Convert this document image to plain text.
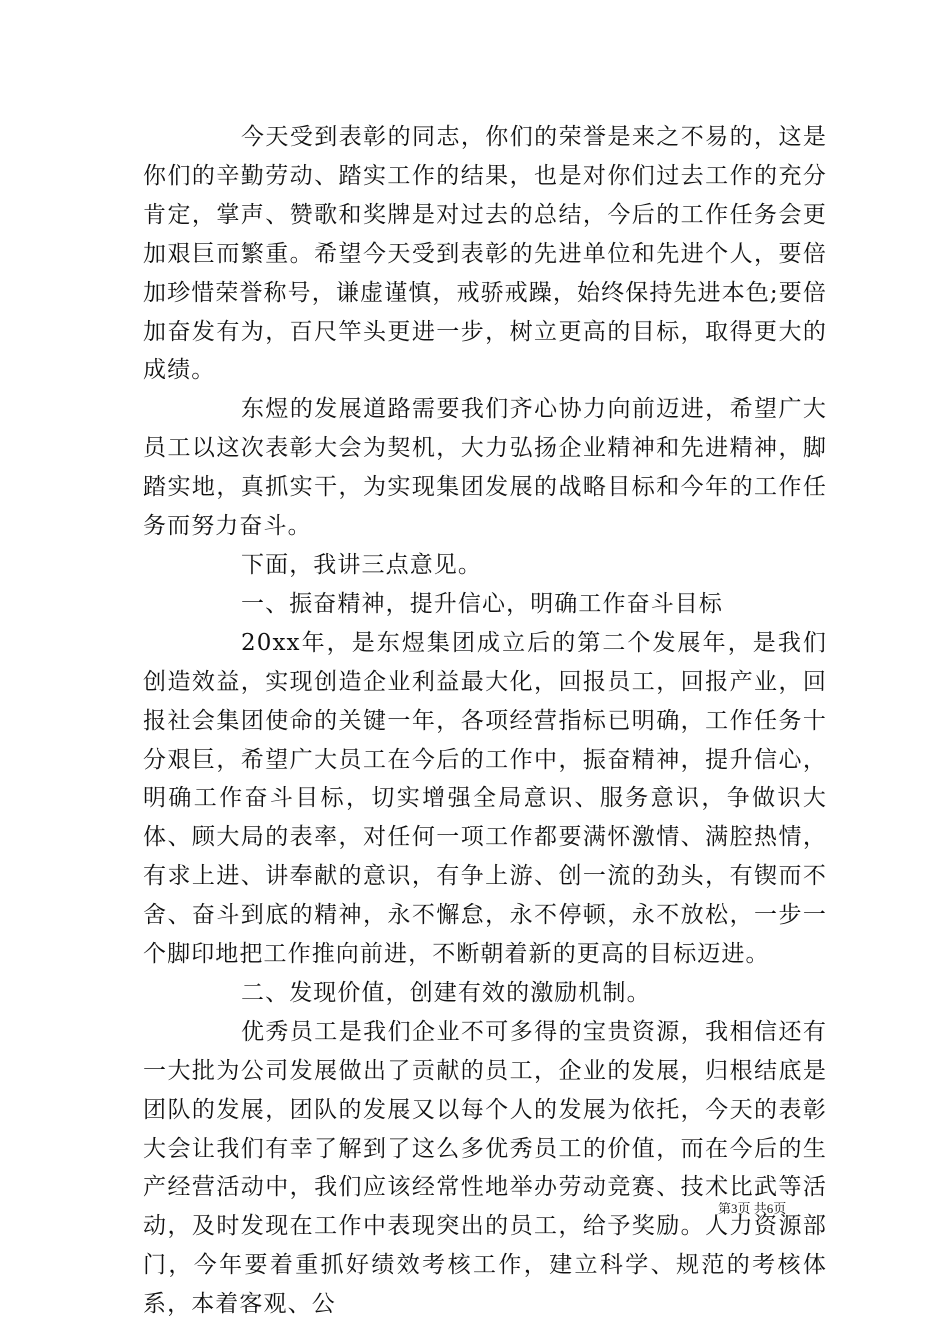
今天受到表彰的同志，你们的荣誉是来之不易的，这是你们的辛勤劳动、踏实工作的结果，也是对你们过去工作的充分肯定，掌声、赞歌和奖牌是对过去的总结，今后的工作任务会更加艰巨而繁重。希望今天受到表彰的先进单位和先进个人，要倍加珍惜荣誉称号，谦虚谨慎，戒骄戒躁，始终保持先进本色;要倍加奋发有为，百尺竿头更进一步，树立更高的目标，取得更大的成绩。

东煜的发展道路需要我们齐心协力向前迈进，希望广大员工以这次表彰大会为契机，大力弘扬企业精神和先进精神，脚踏实地，真抓实干，为实现集团发展的战略目标和今年的工作任务而努力奋斗。

下面，我讲三点意见。

一、振奋精神，提升信心，明确工作奋斗目标

20xx年，是东煜集团成立后的第二个发展年，是我们创造效益，实现创造企业利益最大化，回报员工，回报产业，回报社会集团使命的关键一年，各项经营指标已明确，工作任务十分艰巨，希望广大员工在今后的工作中，振奋精神，提升信心，明确工作奋斗目标，切实增强全局意识、服务意识，争做识大体、顾大局的表率，对任何一项工作都要满怀激情、满腔热情，有求上进、讲奉献的意识，有争上游、创一流的劲头，有锲而不舍、奋斗到底的精神，永不懈怠，永不停顿，永不放松，一步一个脚印地把工作推向前进，不断朝着新的更高的目标迈进。

二、发现价值，创建有效的激励机制。

优秀员工是我们企业不可多得的宝贵资源，我相信还有一大批为公司发展做出了贡献的员工，企业的发展，归根结底是团队的发展，团队的发展又以每个人的发展为依托，今天的表彰大会让我们有幸了解到了这么多优秀员工的价值，而在今后的生产经营活动中，我们应该经常性地举办劳动竞赛、技术比武等活动，及时发现在工作中表现突出的员工，给予奖励。人力资源部门，今年要着重抓好绩效考核工作，建立科学、规范的考核体系，本着客观、公

第3页 共6页
